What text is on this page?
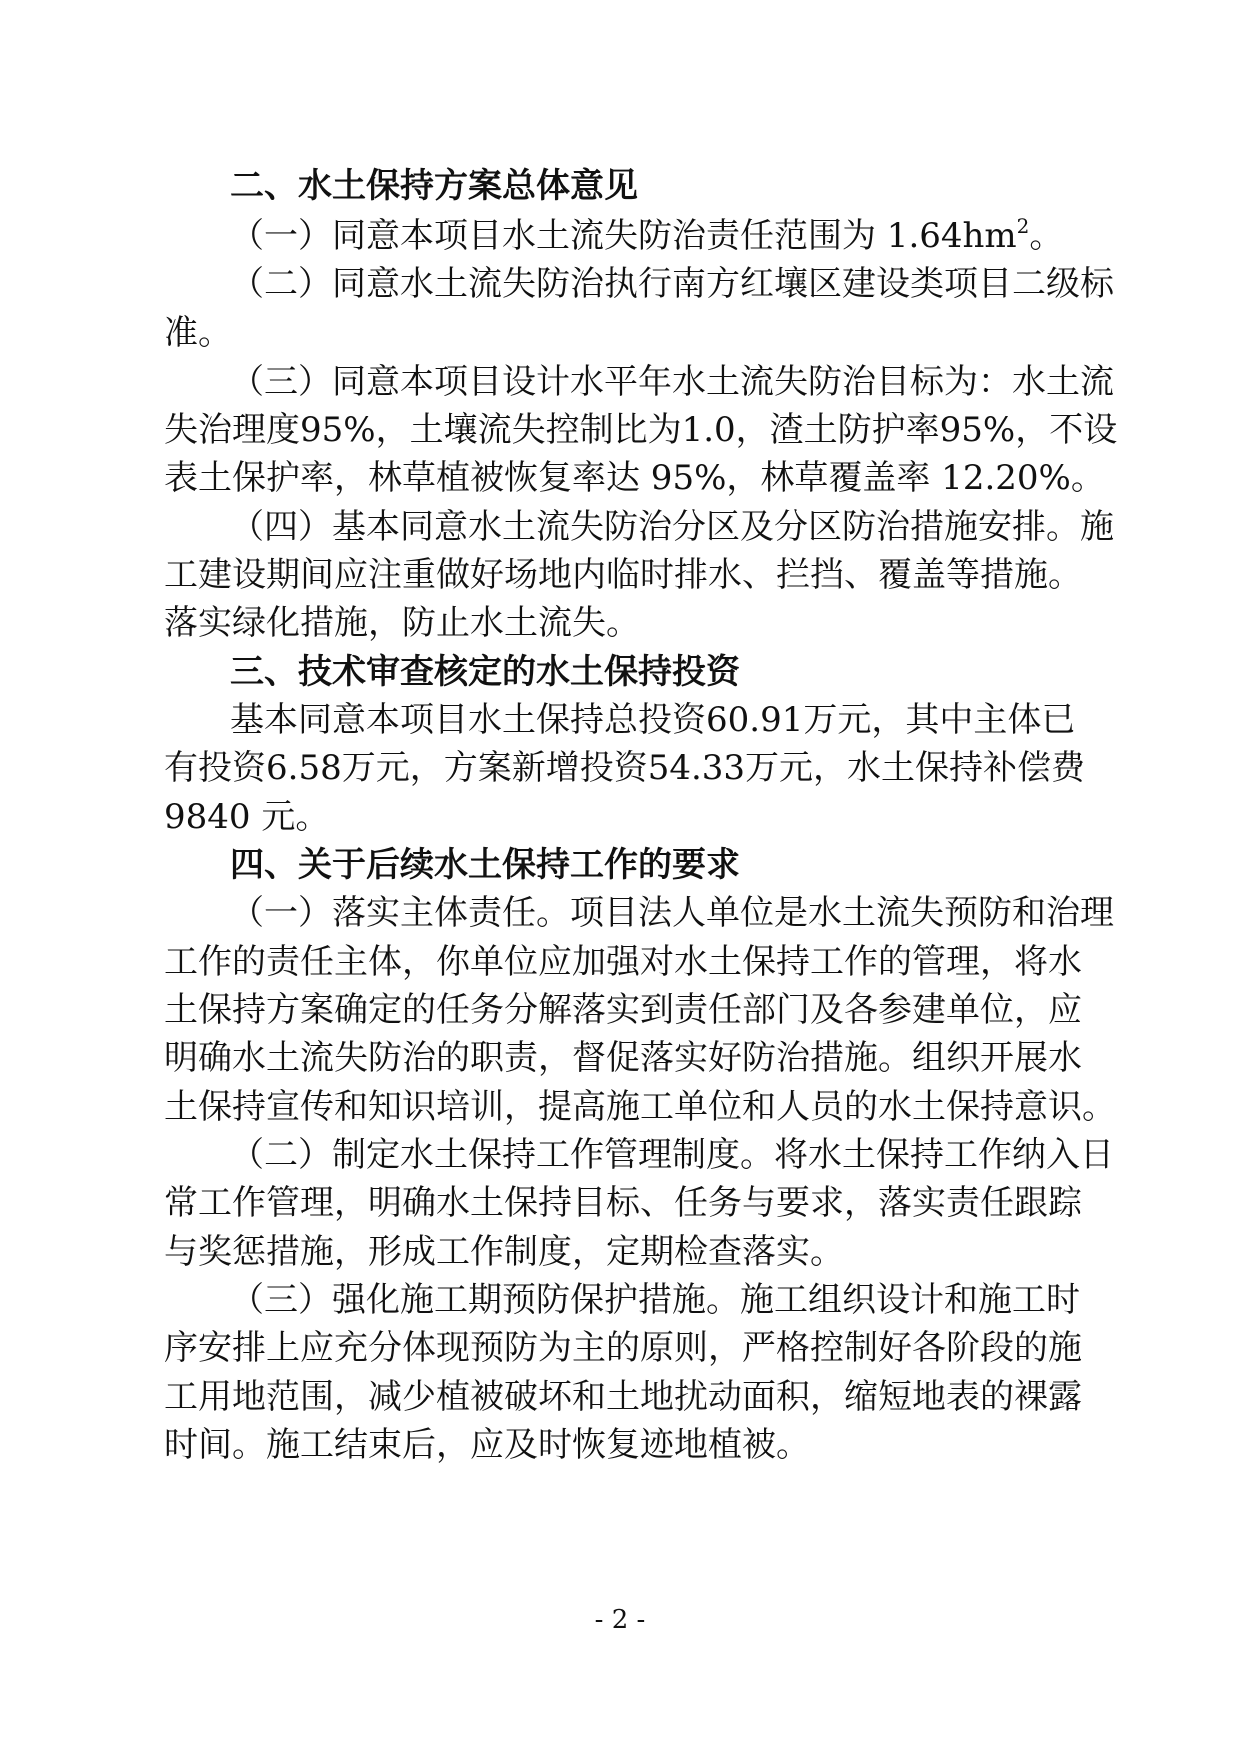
二、水土保持方案总体意见
（一）同意本项目水土流失防治责任范围为 $1.64hm^2$。
（ 二 ） 同 意 水 土 流 失 防 治 执 行 南 方 红 壤 区 建 设 类 项 目 二 级 标
准。
（ 三 ） 同 意 本 项 目 设 计 水 平 年 水 土 流 失 防 治 目 标 为 ： 水 土 流
失 治 理 度 95% ， 土 壤 流 失 控 制 比 为 1.0 ， 渣 土 防 护 率 95% ， 不 设
表土保护率，林草植被恢复率达 95%，林草覆盖率 12.20%。
（ 四 ） 基 本 同 意 水 土 流 失 防 治 分 区 及 分 区 防 治 措 施 安 排 。 施
工 建 设 期 间 应 注 重 做 好 场 地 内 临 时 排 水 、 拦 挡 、 覆 盖 等 措 施 。
落实绿化措施，防止水土流失。
三、技术审查核定的水土保持投资
基 本 同 意 本 项 目 水 土 保 持 总 投 资 60.91 万 元 ， 其 中 主 体 已
有 投 资 6.58 万 元 ， 方 案 新 增 投 资 54.33 万 元 ， 水 土 保 持 补 偿 费
9840 元。
四、关于后续水土保持工作的要求
（ 一 ） 落 实 主 体 责 任 。 项 目 法 人 单 位 是 水 土 流 失 预 防 和 治 理
工 作 的 责 任 主 体 ， 你 单 位 应 加 强 对 水 土 保 持 工 作 的 管 理 ， 将 水
土 保 持 方 案 确 定 的 任 务 分 解 落 实 到 责 任 部 门 及 各 参 建 单 位 ， 应
明 确 水 土 流 失 防 治 的 职 责 ， 督 促 落 实 好 防 治 措 施 。 组 织 开 展 水
土 保 持 宣 传 和 知 识 培 训 ， 提 高 施 工 单 位 和 人 员 的 水 土 保 持 意 识 。
（ 二 ） 制 定 水 土 保 持 工 作 管 理 制 度 。 将 水 土 保 持 工 作 纳 入 日
常 工 作 管 理 ， 明 确 水 土 保 持 目 标 、 任 务 与 要 求 ， 落 实 责 任 跟 踪
与奖惩措施，形成工作制度，定期检查落实。
（ 三 ） 强 化 施 工 期 预 防 保 护 措 施 。 施 工 组 织 设 计 和 施 工 时
序 安 排 上 应 充 分 体 现 预 防 为 主 的 原 则 ， 严 格 控 制 好 各 阶 段 的 施
工 用 地 范 围 ， 减 少 植 被 破 坏 和 土 地 扰 动 面 积 ， 缩 短 地 表 的 裸 露
时间。施工结束后，应及时恢复迹地植被。
- 2 -
